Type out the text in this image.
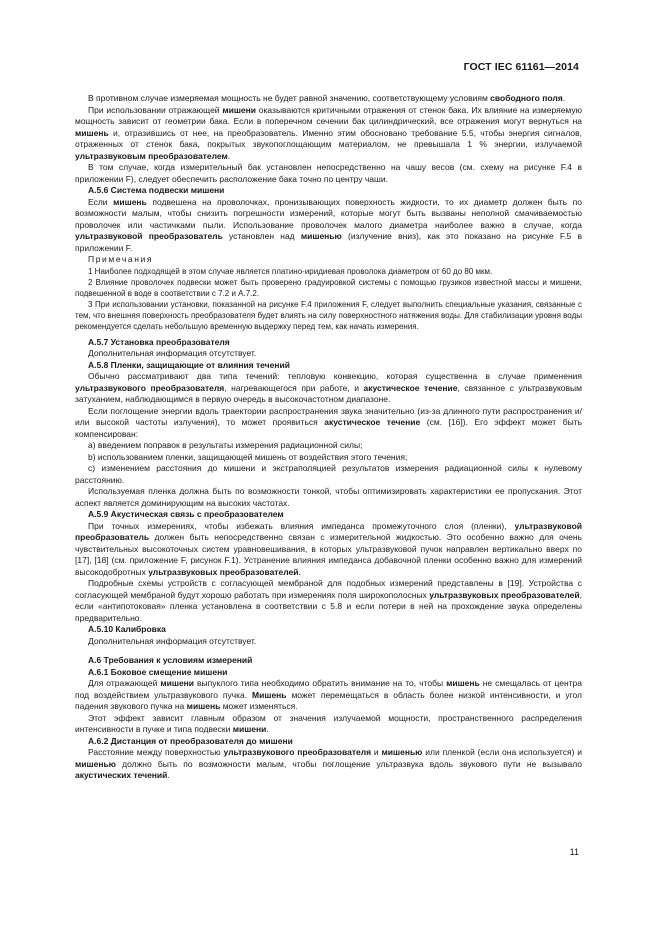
ГОСТ IEC 61161—2014
В противном случае измеряемая мощность не будет равной значению, соответствующему условиям свободного поля.
При использовании отражающей мишени оказываются критичными отражения от стенок бака. Их влияние на измеряемую мощность зависит от геометрии бака. Если в поперечном сечении бак цилиндрический, все отражения могут вернуться на мишень и, отразившись от нее, на преобразователь. Именно этим обосновано требование 5.5, чтобы энергия сигналов, отраженных от стенок бака, покрытых звукопоглощающим материалом, не превышала 1 % энергии, излучаемой ультразвуковым преобразователем.
В том случае, когда измерительный бак установлен непосредственно на чашу весов (см. схему на рисунке F.4 в приложении F), следует обеспечить расположение бака точно по центру чаши.
А.5.6 Система подвески мишени
Если мишень подвешена на проволочках, пронизывающих поверхность жидкости, то их диаметр должен быть по возможности малым, чтобы снизить погрешности измерений, которые могут быть вызваны неполной смачиваемостью проволочек или частичками пыли. Использование проволочек малого диаметра наиболее важно в случае, когда ультразвуковой преобразователь установлен над мишенью (излучение вниз), как это показано на рисунке F.5 в приложении F.
Примечания
1 Наиболее подходящей в этом случае является платино-иридиевая проволока диаметром от 60 до 80 мкм.
2 Влияние проволочек подвески может быть проверено градуировкой системы с помощью грузиков известной массы и мишени, подвешенной в воде в соответствии с 7.2 и А.7.2.
3 При использовании установки, показанной на рисунке F.4 приложения F, следует выполнить специальные указания, связанные с тем, что внешняя поверхность преобразователя будет влиять на силу поверхностного натяжения воды. Для стабилизации уровня воды рекомендуется сделать небольшую временную выдержку перед тем, как начать измерения.
А.5.7 Установка преобразователя
Дополнительная информация отсутствует.
А.5.8 Пленки, защищающие от влияния течений
Обычно рассматривают два типа течений: тепловую конвекцию, которая существенна в случае применения ультразвукового преобразователя, нагревающегося при работе, и акустическое течение, связанное с ультразвуковым затуханием, наблюдающимся в первую очередь в высокочастотном диапазоне.
Если поглощение энергии вдоль траектории распространения звука значительно (из-за длинного пути распространения и/или высокой частоты излучения), то может проявиться акустическое течение (см. [16]). Его эффект может быть компенсирован:
a) введением поправок в результаты измерения радиационной силы;
b) использованием пленки, защищающей мишень от воздействия этого течения;
c) изменением расстояния до мишени и экстраполяцией результатов измерения радиационной силы к нулевому расстоянию.
Используемая пленка должна быть по возможности тонкой, чтобы оптимизировать характеристики ее пропускания. Этот аспект является доминирующим на высоких частотах.
А.5.9 Акустическая связь с преобразователем
При точных измерениях, чтобы избежать влияния импеданса промежуточного слоя (пленки), ультразвуковой преобразователь должен быть непосредственно связан с измерительной жидкостью. Это особенно важно для очень чувствительных высокоточных систем уравновешивания, в которых ультразвуковой пучок направлен вертикально вверх по [17], [18] (см. приложение F, рисунок F.1). Устранение влияния импеданса добавочной пленки особенно важно для измерений высокодобротных ультразвуковых преобразователей.
Подробные схемы устройств с согласующей мембраной для подобных измерений представлены в [19]. Устройства с согласующей мембраной будут хорошо работать при измерениях поля широкополосных ультразвуковых преобразователей, если «антипотоковая» пленка установлена в соответствии с 5.8 и если потери в ней на прохождение звука определены предварительно.
А.5.10 Калибровка
Дополнительная информация отсутствует.
А.6 Требования к условиям измерений
А.6.1 Боковое смещение мишени
Для отражающей мишени выпуклого типа необходимо обратить внимание на то, чтобы мишень не смещалась от центра под воздействием ультразвукового пучка. Мишень может перемещаться в область более низкой интенсивности, и угол падения звукового пучка на мишень может изменяться.
Этот эффект зависит главным образом от значения излучаемой мощности, пространственного распределения интенсивности в пучке и типа подвески мишени.
А.6.2 Дистанция от преобразователя до мишени
Расстояние между поверхностью ультразвукового преобразователя и мишенью или пленкой (если она используется) и мишенью должно быть по возможности малым, чтобы поглощение ультразвука вдоль звукового пути не вызывало акустических течений.
11
